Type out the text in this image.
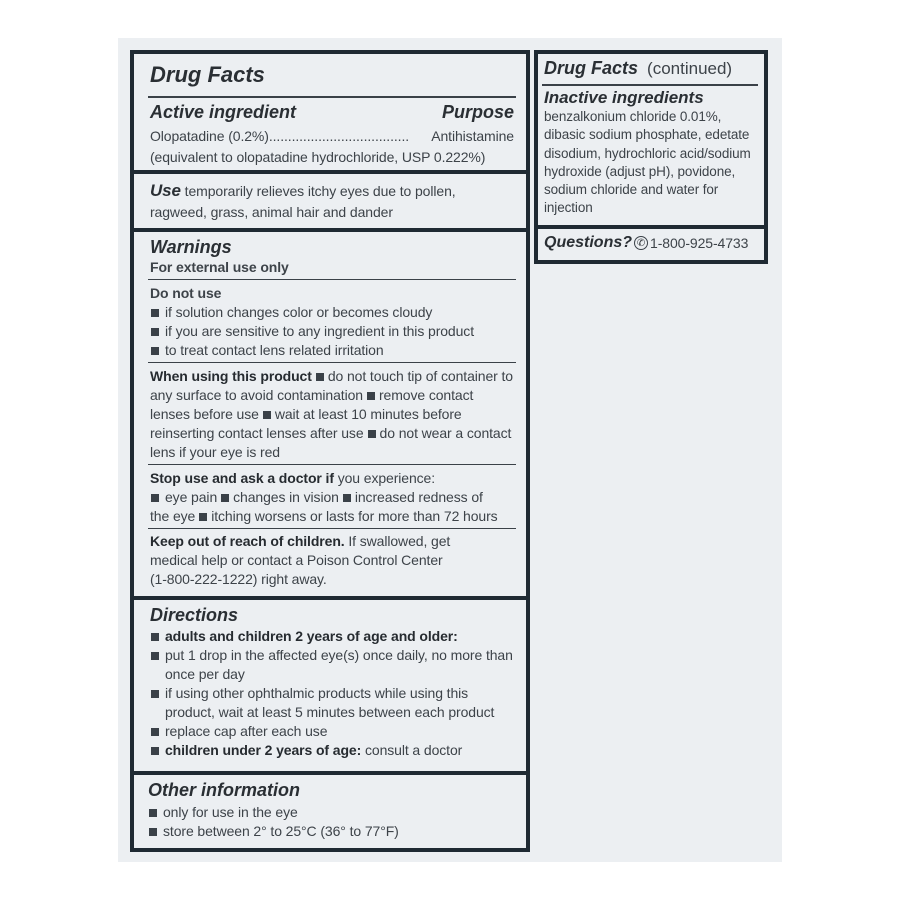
Drug Facts
Active ingredient	Purpose
Olopatadine (0.2%) .....................................	Antihistamine
(equivalent to olopatadine hydrochloride, USP 0.222%)
Use temporarily relieves itchy eyes due to pollen,
ragweed, grass, animal hair and dander
Warnings
For external use only
Do not use
if solution changes color or becomes cloudy
if you are sensitive to any ingredient in this product
to treat contact lens related irritation
When using this product do not touch tip of container to
any surface to avoid contamination remove contact
lenses before use wait at least 10 minutes before
reinserting contact lenses after use do not wear a contact
lens if your eye is red
Stop use and ask a doctor if you experience:
eye pain changes in vision increased redness of
the eye itching worsens or lasts for more than 72 hours
Keep out of reach of children. If swallowed, get
medical help or contact a Poison Control Center
(1-800-222-1222) right away.
Directions
adults and children 2 years of age and older:
put 1 drop in the affected eye(s) once daily, no more than
once per day
if using other ophthalmic products while using this
product, wait at least 5 minutes between each product
replace cap after each use
children under 2 years of age: consult a doctor
Other information
only for use in the eye
store between 2° to 25°C (36° to 77°F)
Drug Facts (continued)
Inactive ingredients
benzalkonium chloride 0.01%,
dibasic sodium phosphate, edetate
disodium, hydrochloric acid/sodium
hydroxide (adjust pH), povidone,
sodium chloride and water for
injection
Questions? ✆ 1-800-925-4733
